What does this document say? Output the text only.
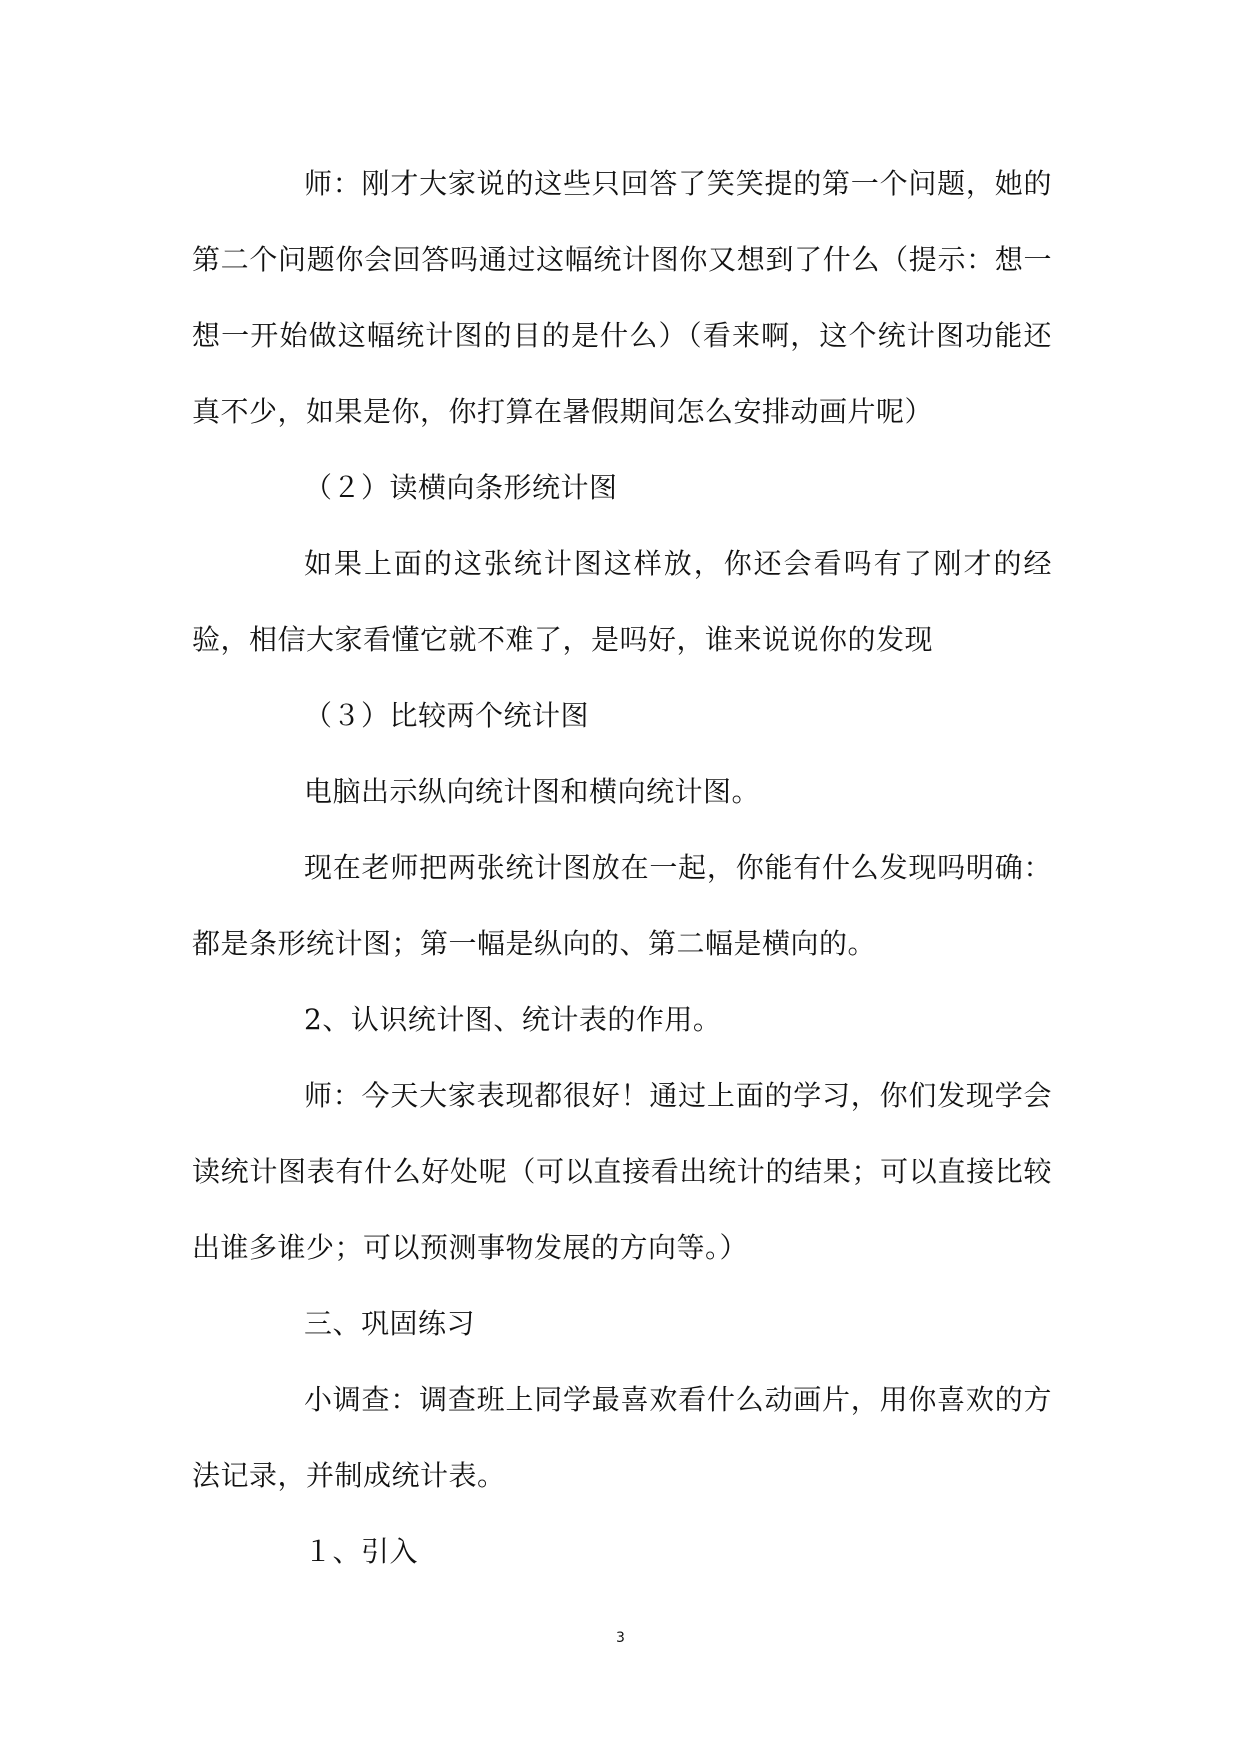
师：刚才大家说的这些只回答了笑笑提的第一个问题，她的第二个问题你会回答吗通过这幅统计图你又想到了什么（提示：想一想一开始做这幅统计图的目的是什么）（看来啊，这个统计图功能还真不少，如果是你，你打算在暑假期间怎么安排动画片呢）

（２）读横向条形统计图

如果上面的这张统计图这样放，你还会看吗有了刚才的经验，相信大家看懂它就不难了，是吗好，谁来说说你的发现

（３）比较两个统计图

电脑出示纵向统计图和横向统计图。

现在老师把两张统计图放在一起，你能有什么发现吗明确：都是条形统计图；第一幅是纵向的、第二幅是横向的。

2、认识统计图、统计表的作用。

师：今天大家表现都很好！通过上面的学习，你们发现学会读统计图表有什么好处呢（可以直接看出统计的结果；可以直接比较出谁多谁少；可以预测事物发展的方向等。）

三、巩固练习

小调查：调查班上同学最喜欢看什么动画片，用你喜欢的方法记录，并制成统计表。

１、引入

3
